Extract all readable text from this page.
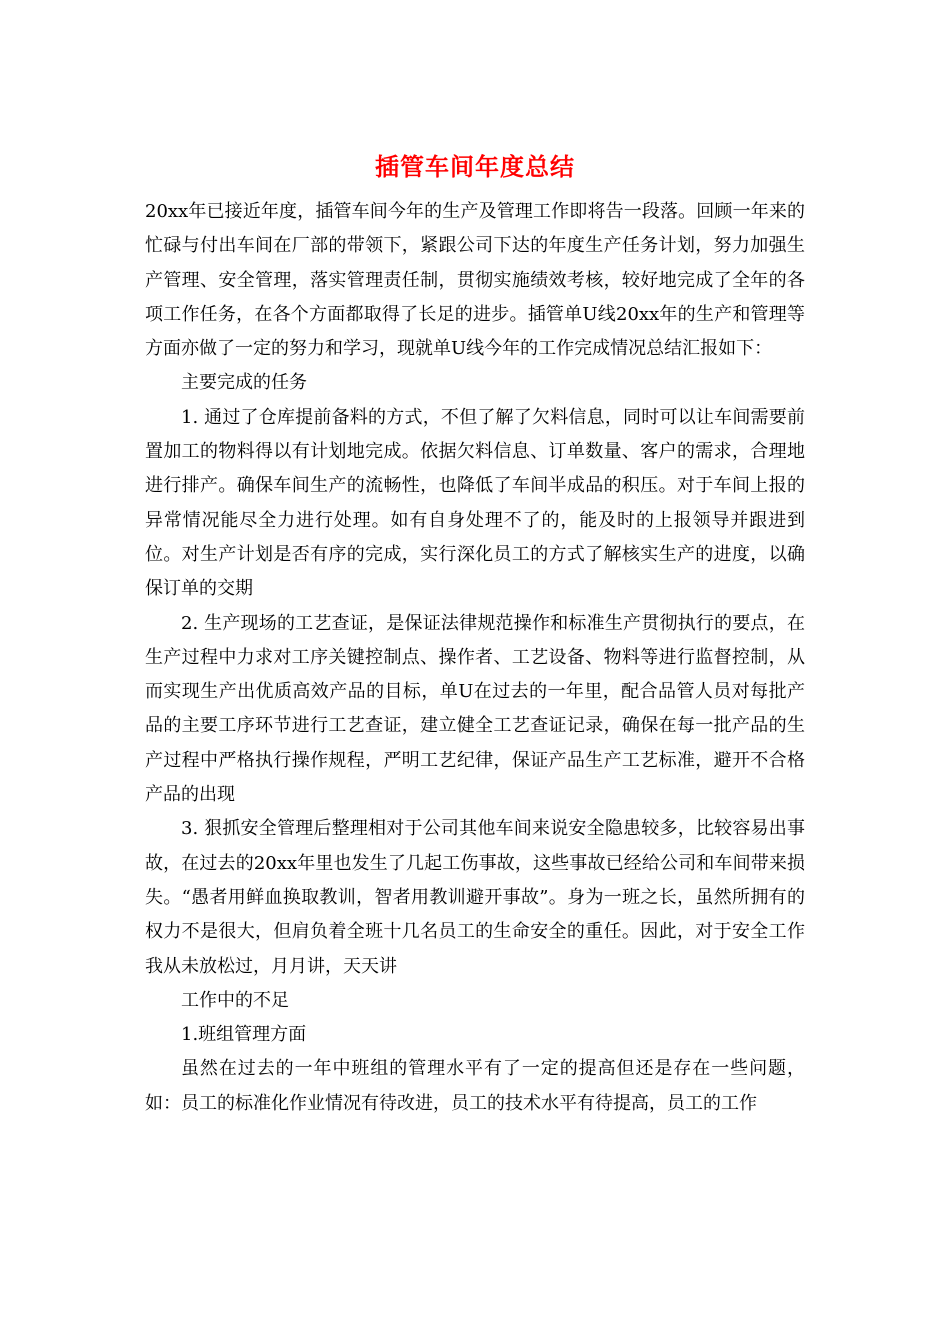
插管车间年度总结

20xx年已接近年度，插管车间今年的生产及管理工作即将告一段落。回顾一年来的忙碌与付出车间在厂部的带领下，紧跟公司下达的年度生产任务计划，努力加强生产管理、安全管理，落实管理责任制，贯彻实施绩效考核，较好地完成了全年的各项工作任务，在各个方面都取得了长足的进步。插管单U线20xx年的生产和管理等方面亦做了一定的努力和学习，现就单U线今年的工作完成情况总结汇报如下：

主要完成的任务

1. 通过了仓库提前备料的方式，不但了解了欠料信息，同时可以让车间需要前置加工的物料得以有计划地完成。依据欠料信息、订单数量、客户的需求，合理地进行排产。确保车间生产的流畅性，也降低了车间半成品的积压。对于车间上报的异常情况能尽全力进行处理。如有自身处理不了的，能及时的上报领导并跟进到位。对生产计划是否有序的完成，实行深化员工的方式了解核实生产的进度，以确保订单的交期

2. 生产现场的工艺查证，是保证法律规范操作和标准生产贯彻执行的要点，在生产过程中力求对工序关键控制点、操作者、工艺设备、物料等进行监督控制，从而实现生产出优质高效产品的目标，单U在过去的一年里，配合品管人员对每批产品的主要工序环节进行工艺查证，建立健全工艺查证记录，确保在每一批产品的生产过程中严格执行操作规程，严明工艺纪律，保证产品生产工艺标准，避开不合格产品的出现

3. 狠抓安全管理后整理相对于公司其他车间来说安全隐患较多，比较容易出事故，在过去的20xx年里也发生了几起工伤事故，这些事故已经给公司和车间带来损失。“愚者用鲜血换取教训，智者用教训避开事故”。身为一班之长，虽然所拥有的权力不是很大，但肩负着全班十几名员工的生命安全的重任。因此，对于安全工作我从未放松过，月月讲，天天讲

工作中的不足

1.班组管理方面

虽然在过去的一年中班组的管理水平有了一定的提高但还是存在一些问题，如：员工的标准化作业情况有待改进，员工的技术水平有待提高，员工的工作
